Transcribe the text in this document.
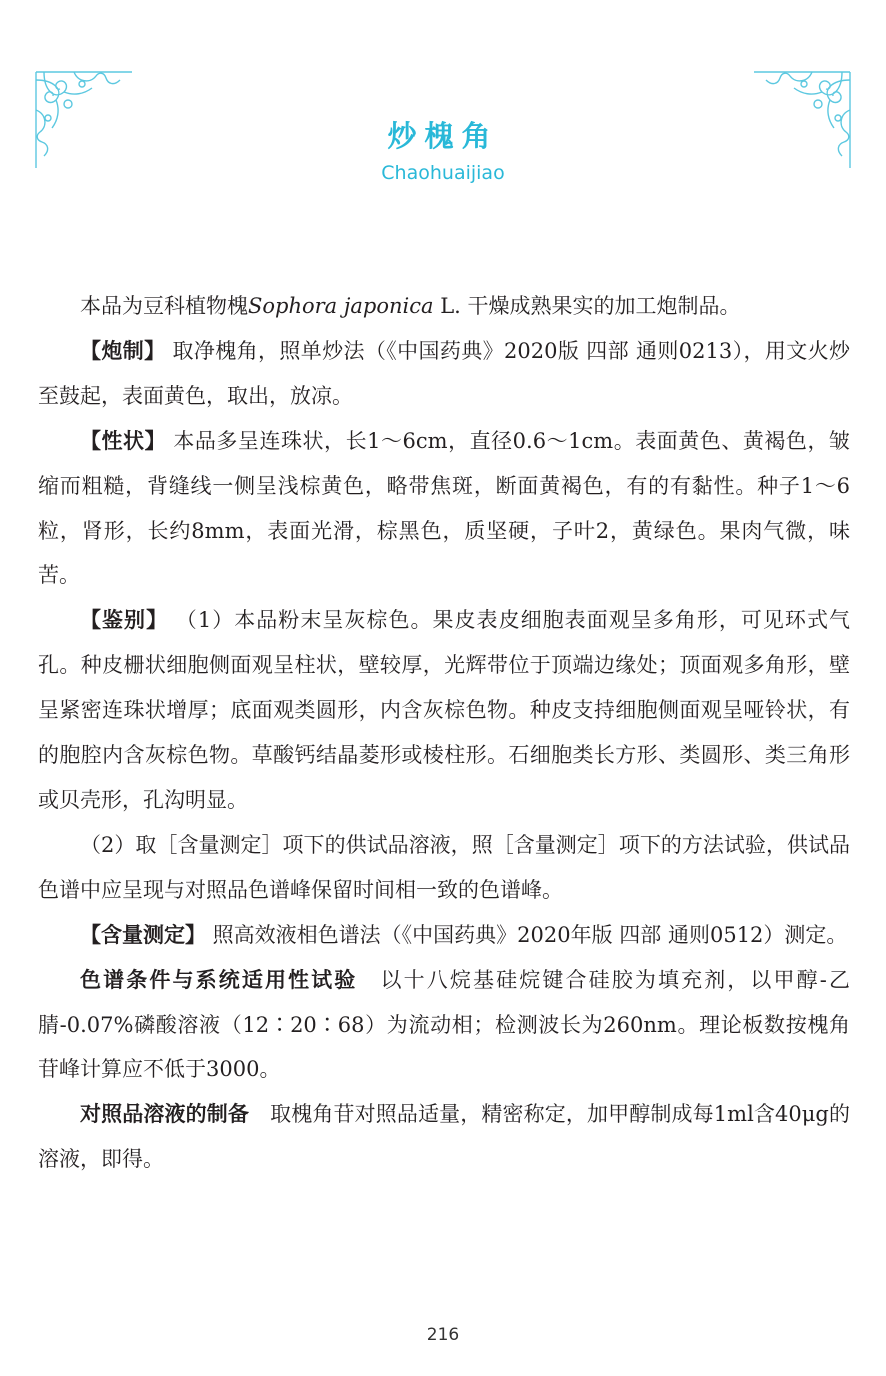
炒槐角
Chaohuaijiao

本品为豆科植物槐Sophora japonica L. 干燥成熟果实的加工炮制品。

【炮制】 取净槐角，照单炒法（《中国药典》2020版 四部 通则0213），用文火炒至鼓起，表面黄色，取出，放凉。

【性状】 本品多呈连珠状，长1～6cm，直径0.6～1cm。表面黄色、黄褐色，皱缩而粗糙，背缝线一侧呈浅棕黄色，略带焦斑，断面黄褐色，有的有黏性。种子1～6粒，肾形，长约8mm，表面光滑，棕黑色，质坚硬，子叶2，黄绿色。果肉气微，味苦。

【鉴别】 （1）本品粉末呈灰棕色。果皮表皮细胞表面观呈多角形，可见环式气孔。种皮栅状细胞侧面观呈柱状，壁较厚，光辉带位于顶端边缘处；顶面观多角形，壁呈紧密连珠状增厚；底面观类圆形，内含灰棕色物。种皮支持细胞侧面观呈哑铃状，有的胞腔内含灰棕色物。草酸钙结晶菱形或棱柱形。石细胞类长方形、类圆形、类三角形或贝壳形，孔沟明显。

（2）取［含量测定］项下的供试品溶液，照［含量测定］项下的方法试验，供试品色谱中应呈现与对照品色谱峰保留时间相一致的色谱峰。

【含量测定】 照高效液相色谱法（《中国药典》2020年版 四部 通则0512）测定。

色谱条件与系统适用性试验　以十八烷基硅烷键合硅胶为填充剂，以甲醇-乙腈-0.07%磷酸溶液（12∶20∶68）为流动相；检测波长为260nm。理论板数按槐角苷峰计算应不低于3000。

对照品溶液的制备　取槐角苷对照品适量，精密称定，加甲醇制成每1ml含40μg的溶液，即得。

216
